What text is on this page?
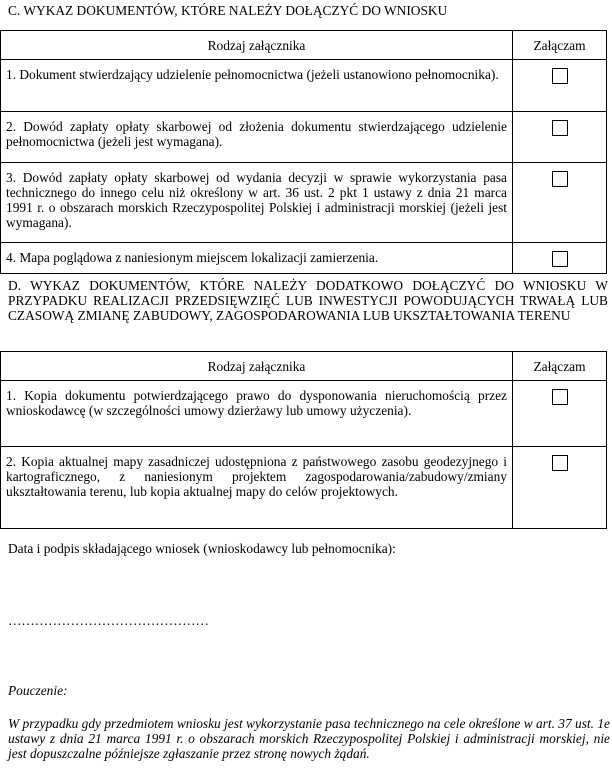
C. WYKAZ DOKUMENTÓW, KTÓRE NALEŻY DOŁĄCZYĆ DO WNIOSKU
Rodzaj załącznika	Załączam
1. Dokument stwierdzający udzielenie pełnomocnictwa (jeżeli ustanowiono pełnomocnika).	
2. Dowód zapłaty opłaty skarbowej od złożenia dokumentu stwierdzającego udzielenie pełnomocnictwa (jeżeli jest wymagana).	
3. Dowód zapłaty opłaty skarbowej od wydania decyzji w sprawie wykorzystania pasa technicznego do innego celu niż określony w art. 36 ust. 2 pkt 1 ustawy z dnia 21 marca 1991 r. o obszarach morskich Rzeczypospolitej Polskiej i administracji morskiej (jeżeli jest wymagana).	
4. Mapa poglądowa z naniesionym miejscem lokalizacji zamierzenia.	
D. WYKAZ DOKUMENTÓW, KTÓRE NALEŻY DODATKOWO DOŁĄCZYĆ DO WNIOSKU W PRZYPADKU REALIZACJI PRZEDSIĘWZIĘĆ LUB INWESTYCJI POWODUJĄCYCH TRWAŁĄ LUB CZASOWĄ ZMIANĘ ZABUDOWY, ZAGOSPODAROWANIA LUB UKSZTAŁTOWANIA TERENU
Rodzaj załącznika	Załączam
1. Kopia dokumentu potwierdzającego prawo do dysponowania nieruchomością przez wnioskodawcę (w szczególności umowy dzierżawy lub umowy użyczenia).	
2. Kopia aktualnej mapy zasadniczej udostępniona z państwowego zasobu geodezyjnego i kartograficznego, z naniesionym projektem zagospodarowania/zabudowy/zmiany ukształtowania terenu, lub kopia aktualnej mapy do celów projektowych.	
Data i podpis składającego wniosek (wnioskodawcy lub pełnomocnika):
………………………………………
Pouczenie:
W przypadku gdy przedmiotem wniosku jest wykorzystanie pasa technicznego na cele określone w art. 37 ust. 1e ustawy z dnia 21 marca 1991 r. o obszarach morskich Rzeczypospolitej Polskiej i administracji morskiej, nie jest dopuszczalne późniejsze zgłaszanie przez stronę nowych żądań.
